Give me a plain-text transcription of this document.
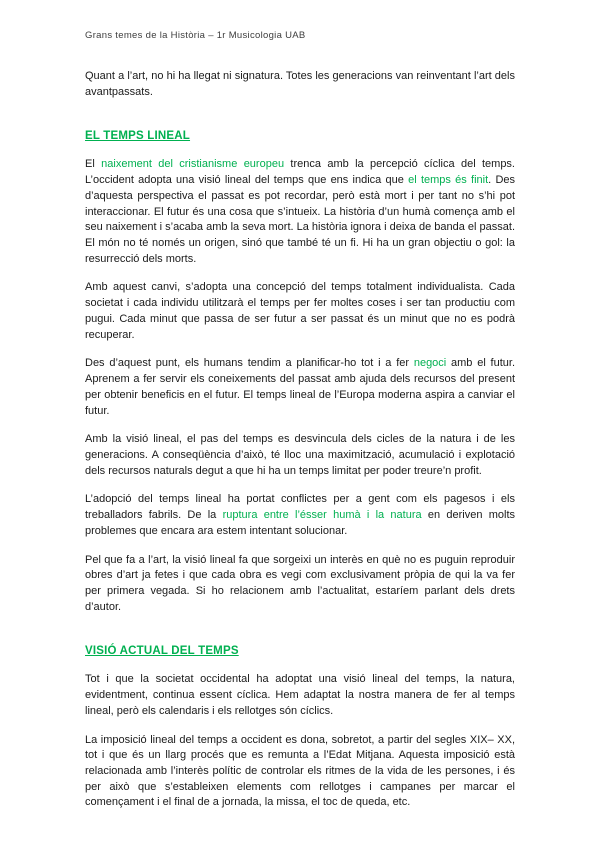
Grans temes de la Història – 1r Musicologia UAB

Quant a l’art, no hi ha llegat ni signatura. Totes les generacions van reinventant l’art dels avantpassats.

EL TEMPS LINEAL

El naixement del cristianisme europeu trenca amb la percepció cíclica del temps. L’occident adopta una visió lineal del temps que ens indica que el temps és finit. Des d’aquesta perspectiva el passat es pot recordar, però està mort i per tant no s’hi pot interaccionar. El futur és una cosa que s’intueix. La història d’un humà comença amb el seu naixement i s’acaba amb la seva mort. La història ignora i deixa de banda el passat. El món no té només un origen, sinó que també té un fi. Hi ha un gran objectiu o gol: la resurrecció dels morts.

Amb aquest canvi, s’adopta una concepció del temps totalment individualista. Cada societat i cada individu utilitzarà el temps per fer moltes coses i ser tan productiu com pugui. Cada minut que passa de ser futur a ser passat és un minut que no es podrà recuperar.

Des d’aquest punt, els humans tendim a planificar-ho tot i a fer negoci amb el futur. Aprenem a fer servir els coneixements del passat amb ajuda dels recursos del present per obtenir beneficis en el futur. El temps lineal de l’Europa moderna aspira a canviar el futur.

Amb la visió lineal, el pas del temps es desvincula dels cicles de la natura i de les generacions. A conseqüència d’això, té lloc una maximització, acumulació i explotació dels recursos naturals degut a que hi ha un temps limitat per poder treure’n profit.

L’adopció del temps lineal ha portat conflictes per a gent com els pagesos i els treballadors fabrils. De la ruptura entre l’ésser humà i la natura en deriven molts problemes que encara ara estem intentant solucionar.

Pel que fa a l’art, la visió lineal fa que sorgeixi un interès en què no es puguin reproduir obres d’art ja fetes i que cada obra es vegi com exclusivament pròpia de qui la va fer per primera vegada. Si ho relacionem amb l’actualitat, estaríem parlant dels drets d’autor.

VISIÓ ACTUAL DEL TEMPS

Tot i que la societat occidental ha adoptat una visió lineal del temps, la natura, evidentment, continua essent cíclica. Hem adaptat la nostra manera de fer al temps lineal, però els calendaris i els rellotges són cíclics.

La imposició lineal del temps a occident es dona, sobretot, a partir del segles XIX– XX, tot i que és un llarg procés que es remunta a l’Edat Mitjana. Aquesta imposició està relacionada amb l’interès polític de controlar els ritmes de la vida de les persones, i és per això que s’estableixen elements com rellotges i campanes per marcar el començament i el final de a jornada, la missa, el toc de queda, etc.
